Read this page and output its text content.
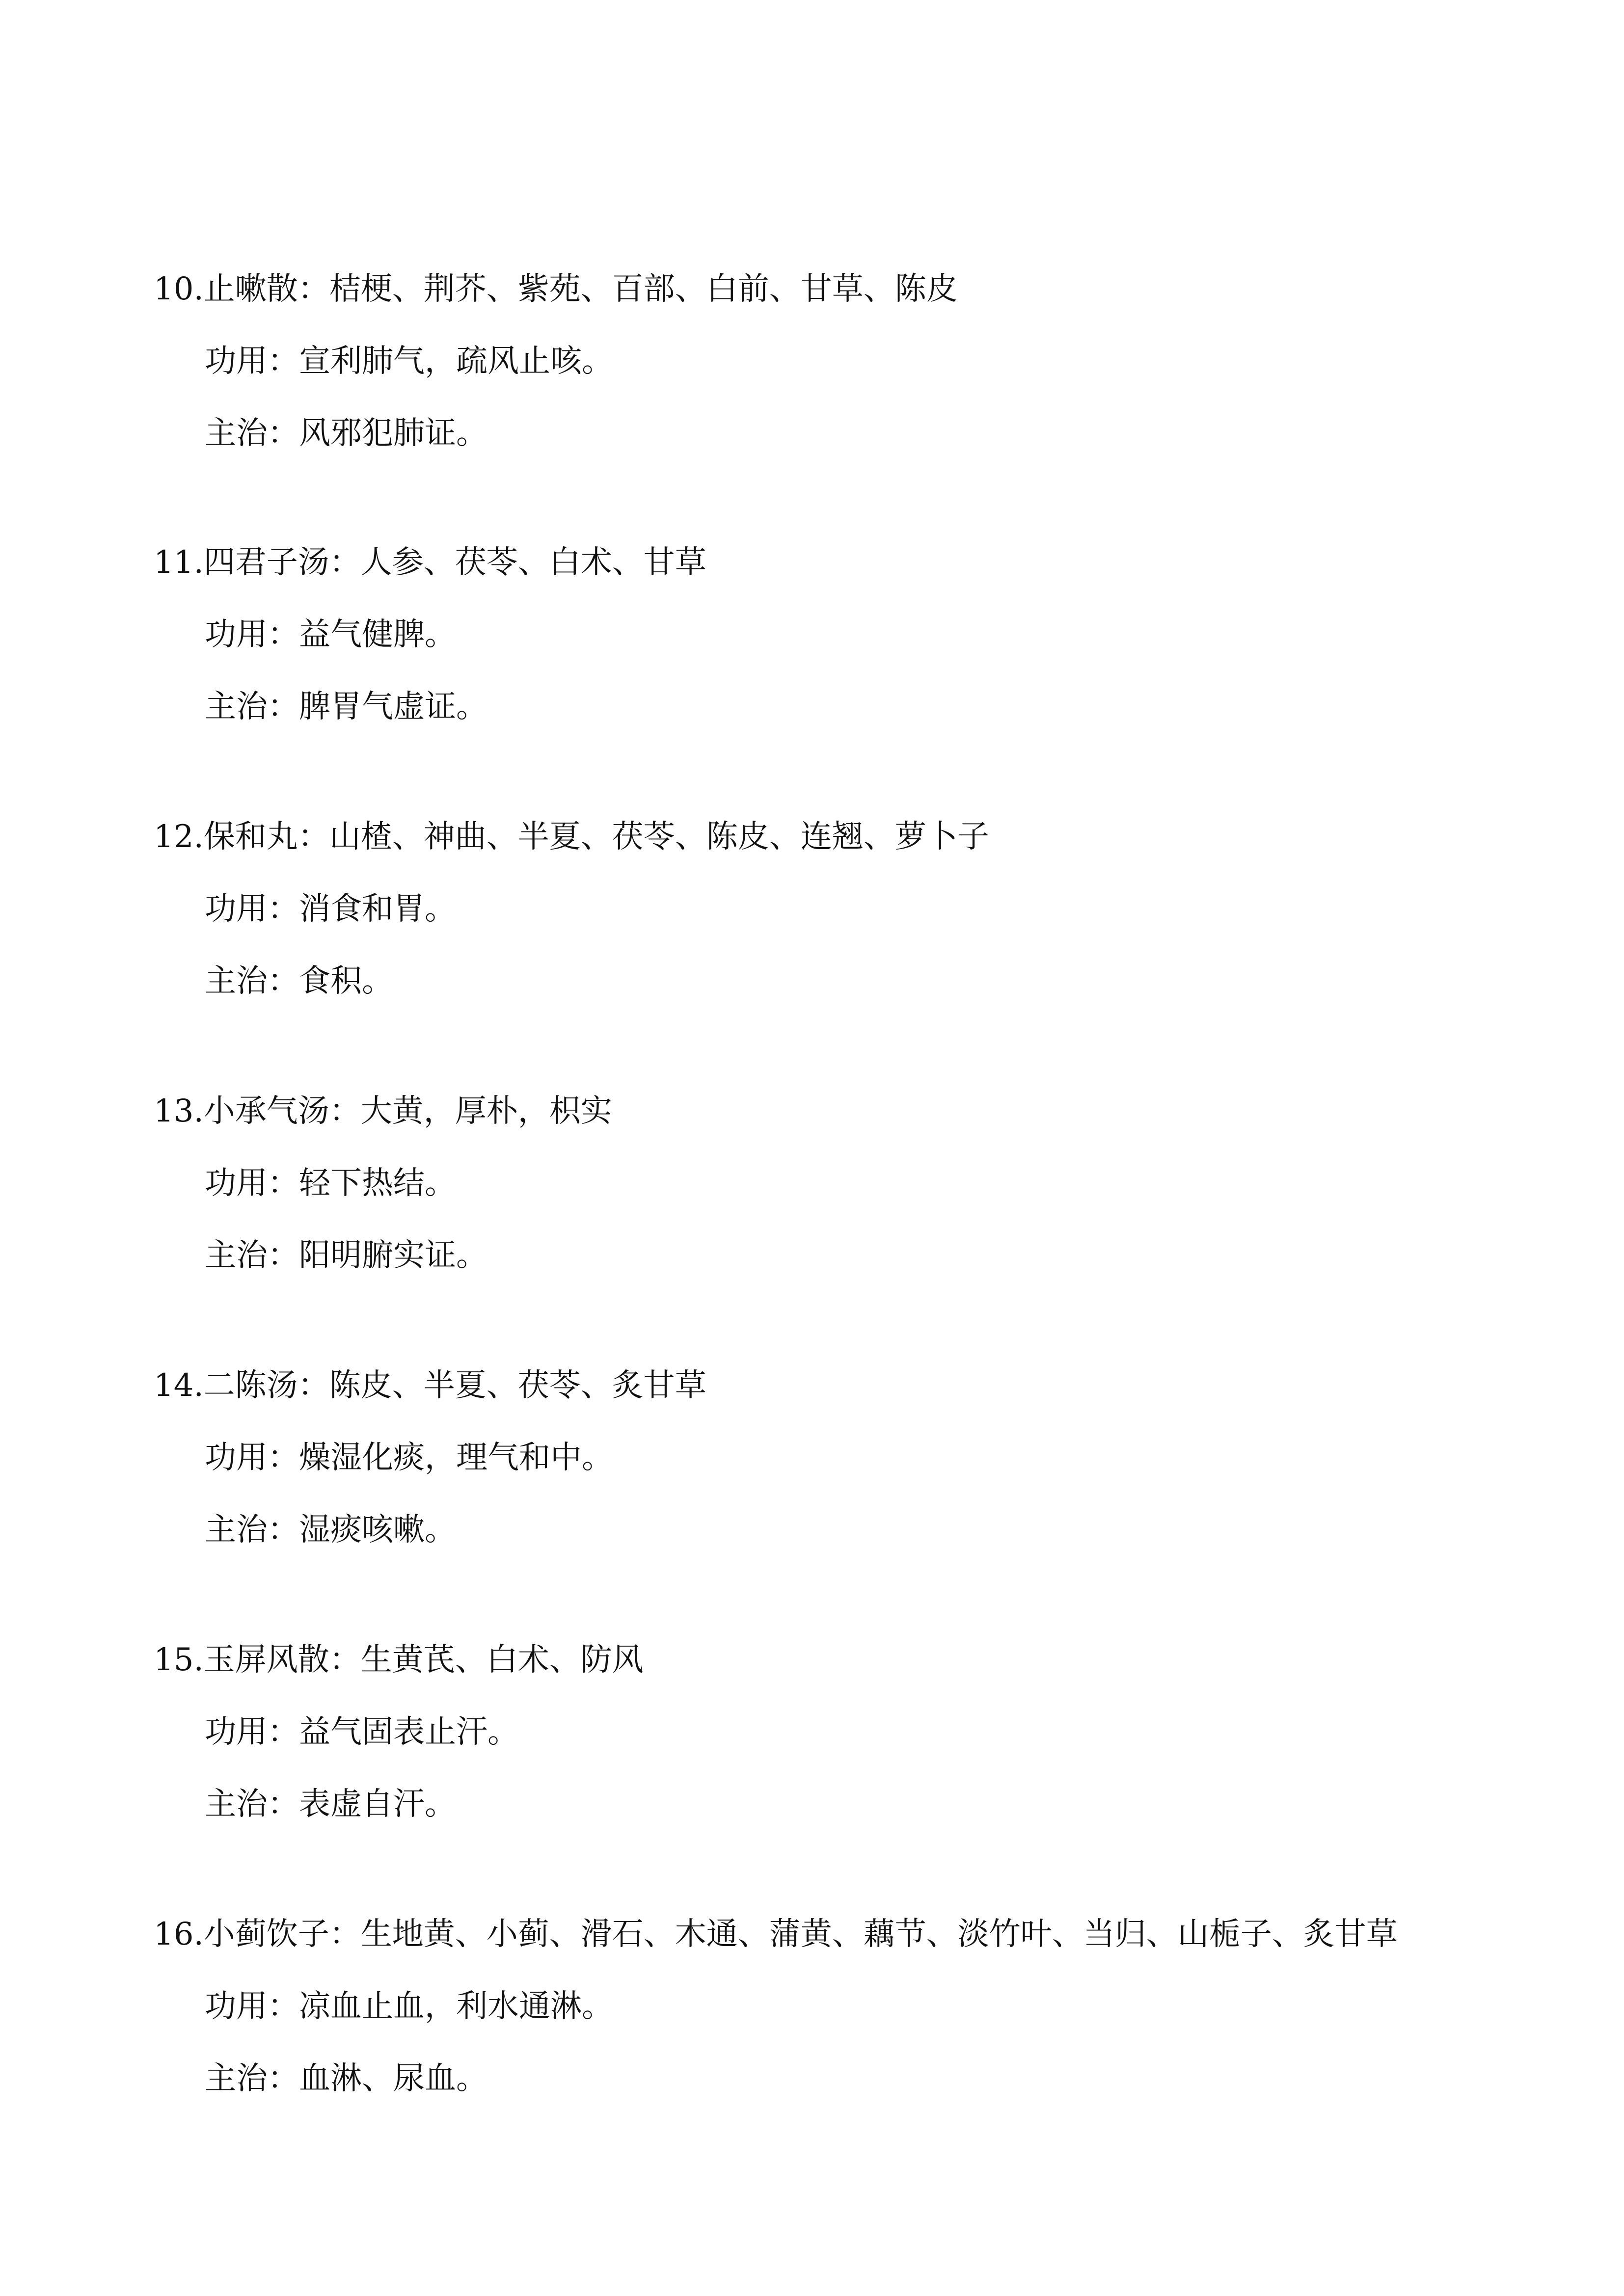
10.止嗽散：桔梗、荆芥、紫苑、百部、白前、甘草、陈皮
功用：宣利肺气，疏风止咳。
主治：风邪犯肺证。
11.四君子汤：人参、茯苓、白术、甘草
功用：益气健脾。
主治：脾胃气虚证。
12.保和丸：山楂、神曲、半夏、茯苓、陈皮、连翘、萝卜子
功用：消食和胃。
主治：食积。
13.小承气汤：大黄，厚朴，枳实
功用：轻下热结。
主治：阳明腑实证。
14.二陈汤：陈皮、半夏、茯苓、炙甘草
功用：燥湿化痰，理气和中。
主治：湿痰咳嗽。
15.玉屏风散：生黄芪、白术、防风
功用：益气固表止汗。
主治：表虚自汗。
16.小蓟饮子：生地黄、小蓟、滑石、木通、蒲黄、藕节、淡竹叶、当归、山栀子、炙甘草
功用：凉血止血，利水通淋。
主治：血淋、尿血。
